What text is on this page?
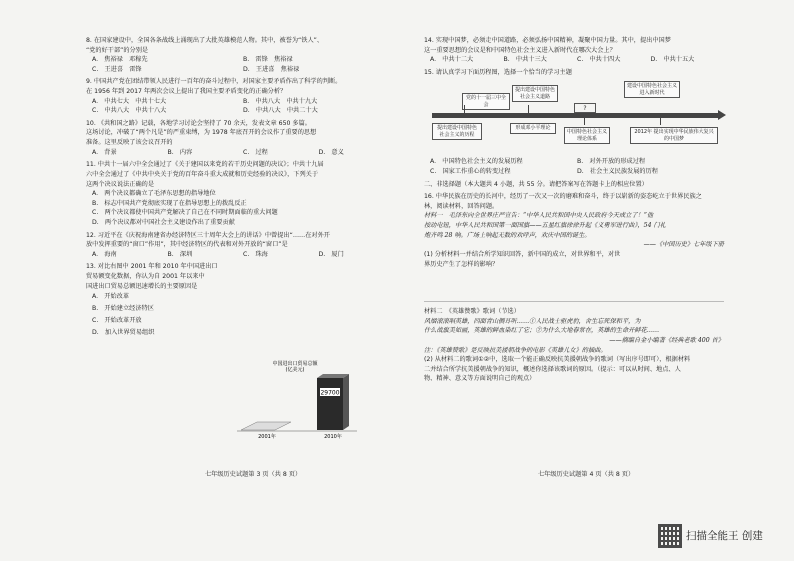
8. 在国家建设中，全国各条战线上涌现出了大批英雄模范人物。其中，被誉为“铁人”、
“党的好干部”的分别是
A.　焦裕禄　邓稼先	B.　雷锋　焦裕禄
C.　王进喜　雷锋	D.　王进喜　焦裕禄
9. 中国共产党在团结带领人民进行一百年的奋斗过程中，对国家主要矛盾作出了科学的判断。
在 1956 年到 2017 年两次会议上提出了我国主要矛盾变化的正确分析？
A.　中共七大　中共十七大	B.　中共八大　中共十九大
C.　中共八大　中共十八大	D.　中共八大　中共二十大
10. 《共和国之路》记载，各地学习讨论会坚持了 70 余天，发表文章 650 多篇。
这场讨论，冲破了“两个凡是”的严重束缚，为 1978 年底召开的会议作了重要的思想
准备。这里反映了该会议召开的
A.　背景	B.　内容	C.　过程	D.　意义
11. 中共十一届六中全会通过了《关于建国以来党的若干历史问题的决议》；中共十九届
六中全会通过了《中共中央关于党的百年奋斗重大成就和历史经验的决议》，下列关于
这两个决议说法正确的是
A.　两个决议都确立了毛泽东思想的指导地位
B.　标志中国共产党彻底实现了在指导思想上的拨乱反正
C.　两个决议都使中国共产党解决了自己在不同时期面临的重大问题
D.　两个决议都对中国社会主义建设作出了重要贡献
12. 习近平在《庆祝海南建省办经济特区三十周年大会上的讲话》中曾提出“……在对外开
放中发挥重要的“窗口”作用”，其中经济特区的代表和对外开放的“窗口”是
A.　海南	B.　深圳	C.　珠海	D.　厦门
13. 对比右图中 2001 年和 2010 年中国进出口
贸易额变化数据，你认为自 2001 年以来中
国进出口贸易总额迅速增长的主要原因是
A.　开始改革
B.　开始建立经济特区
C.　开始改革开放
D.　加入世界贸易组织
中国进出口贸易总额
(亿美元)
29700
2001年	2010年
七年级历史试题第 3 页（共 8 页）
14. 实现中国梦，必须走中国道路，必须弘扬中国精神，凝聚中国力量。其中，提出中国梦
这一重要思想的会议是和中国特色社会主义进入新时代在哪次大会上？
A.　中共十二大	B.　中共十三大	C.　中共十四大	D.　中共十五大
15. 请认真学习下面历程图，选择一个恰当的学习主题
党的十一届三中全会
提出建设中国特色社会主义道路
?
建设中国特色社会主义进入新时代
提出建设中国特色社会主义的历程
形成邓小平理论
中国特色社会主义理论体系
2012年 提出实现中华民族伟大复兴的中国梦
A.　中国特色社会主义的发展历程	B.　对外开放的形成过程
C.　国家工作重心的转变过程	D.　社会主义民族发展的历程
二、非选择题（本大题共 4 小题，共 55 分。请把答案写在答题卡上的相应位置）
16. 中华民族在历史的长河中，经历了一次又一次的磨难和奋斗，终于以崭新的姿态屹立于世界民族之
林，阅读材料，回答问题。
材料一　毛泽东向全世界庄严宣告：“中华人民共和国中央人民政府今天成立了！”他
按动电钮，中华人民共和国第一面国旗——五星红旗徐徐升起《义勇军进行曲》，54 门礼
炮齐鸣 28 响。广场上响起无数的欢呼声，欢庆中国的诞生。
——《中国历史》七年级下册
(1) 分析材料一并结合所学知识回答，新中国的成立，对世界和平，对世
界历史产生了怎样的影响？
材料二　《英雄赞歌》歌词（节选）
风烟滚滚唱英雄，四面青山侧耳听……①人民战士驱虎豹，舍生忘死保和平，为
什么战旗美如画，英雄的鲜血染红了它；②为什么大地春常在，英雄的生命开鲜花……
——摘编自金小编著《经典老歌 400 首》
注：《英雄赞歌》是反映抗美援朝战争的电影《英雄儿女》的插曲。
(2) 从材料二的歌词①②中，选取一个能正确反映抗美援朝战争的歌词（写出序号即可），根据材料
二并结合所学抗美援朝战争的知识，概述你选择该歌词的原因。（提示：可以从时间、地点、人
物、精神、意义等方面说明自己的观点）
七年级历史试题第 4 页（共 8 页）
扫描全能王 创建
